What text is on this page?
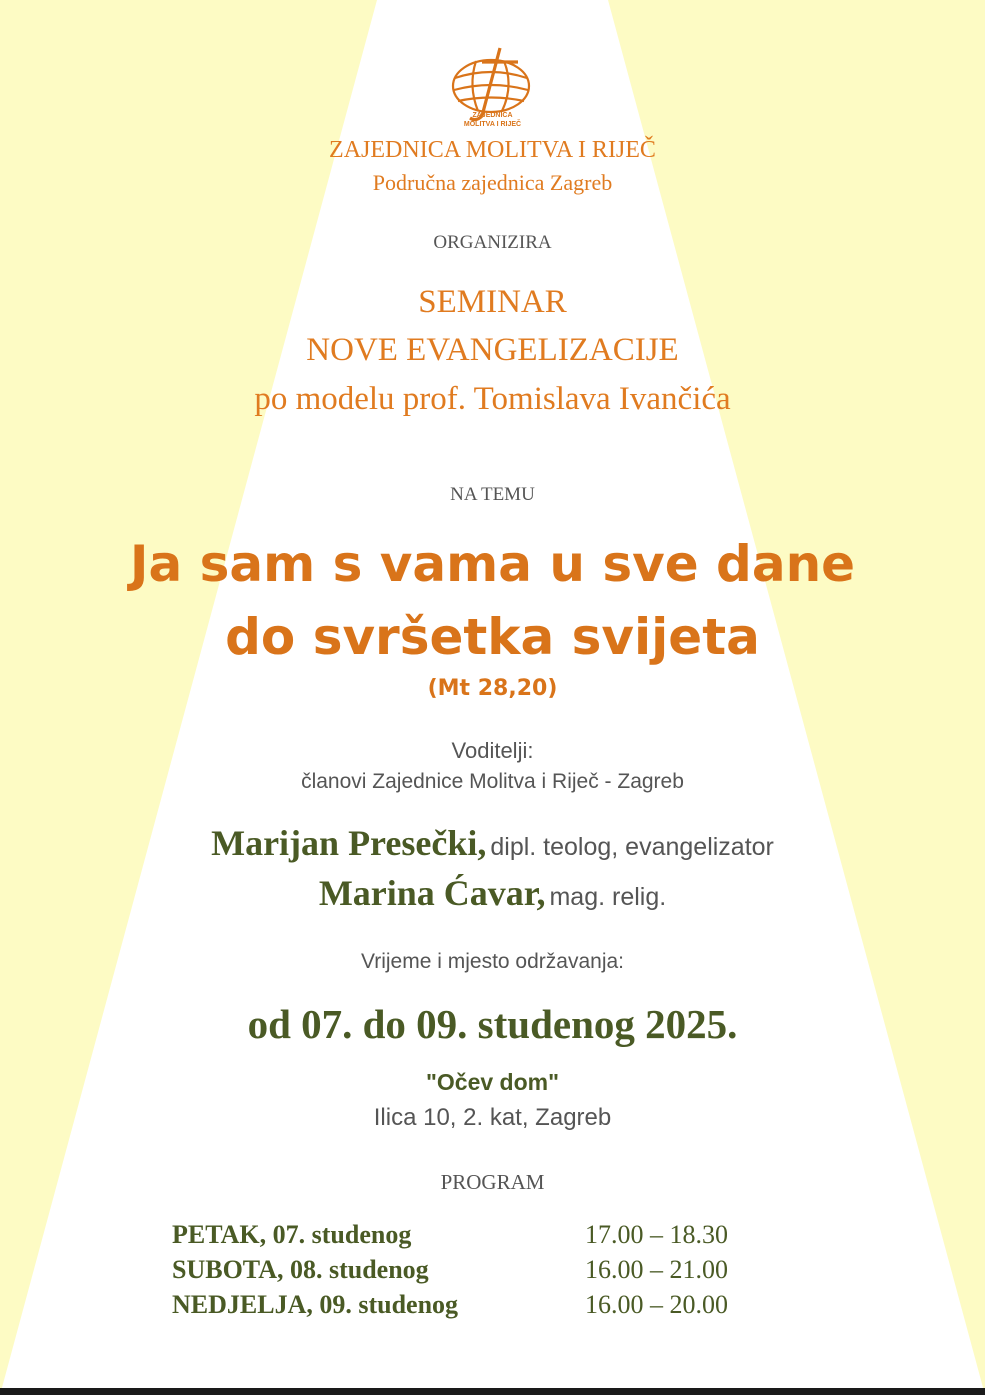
ZAJEDNICA
MOLITVA I RIJEČ
ZAJEDNICA MOLITVA I RIJEČ
Područna zajednica Zagreb
ORGANIZIRA
SEMINAR
NOVE EVANGELIZACIJE
po modelu prof. Tomislava Ivančića
NA TEMU
Ja sam s vama u sve dane
do svršetka svijeta
(Mt 28,20)
Voditelji:
članovi Zajednice Molitva i Riječ - Zagreb
Marijan Presečki, dipl. teolog, evangelizator
Marina Ćavar, mag. relig.
Vrijeme i mjesto održavanja:
od 07. do 09. studenog 2025.
"Očev dom"
Ilica 10, 2. kat, Zagreb
PROGRAM
PETAK, 07. studenog	17.00 – 18.30
SUBOTA, 08. studenog	16.00 – 21.00
NEDJELJA, 09. studenog	16.00 – 20.00
